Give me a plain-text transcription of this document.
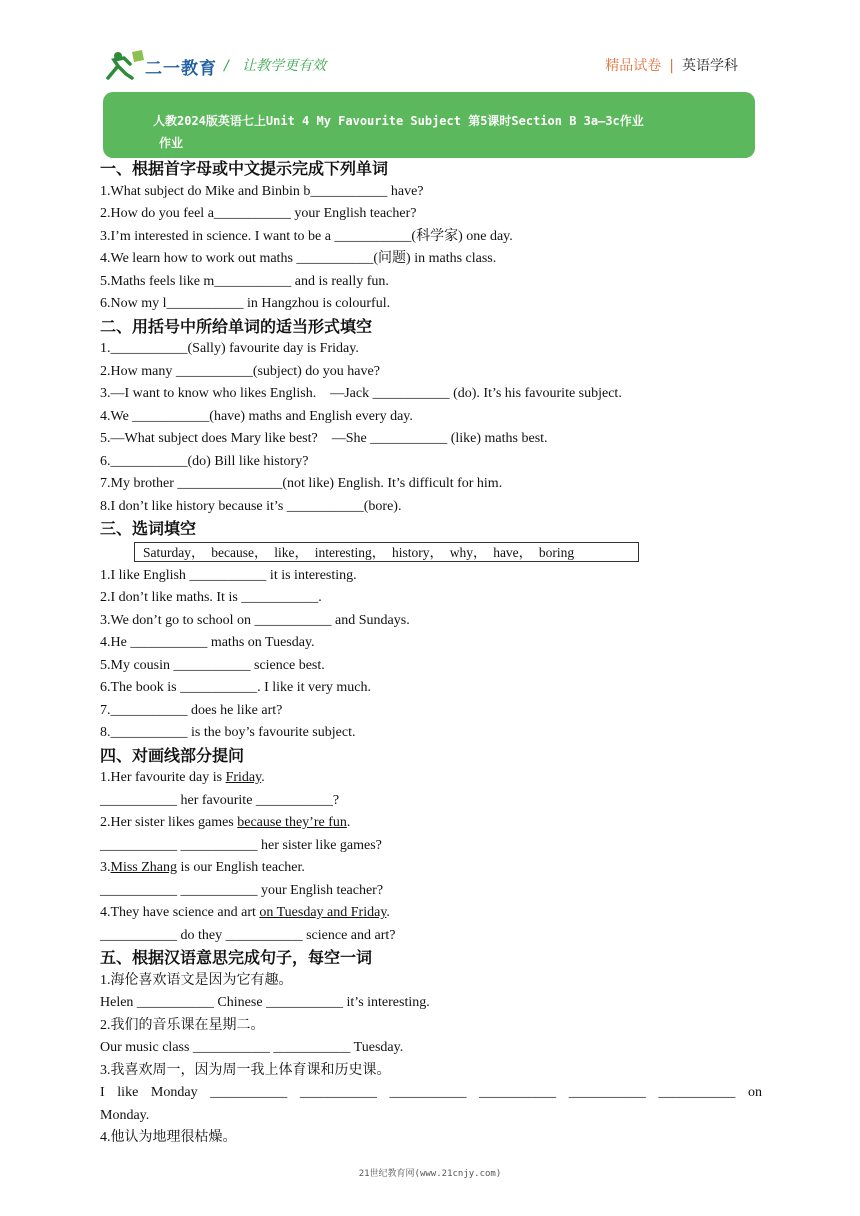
二一教育 /   让教学更有效	精品试卷 | 英语学科
人教2024版英语七上Unit 4 My Favourite Subject 第5课时Section B 3a—3c作业
作业
一、根据首字母或中文提示完成下列单词
1.What subject do Mike and Binbin b___________ have?
2.How do you feel a___________ your English teacher?
3.I’m interested in science. I want to be a ___________(科学家) one day.
4.We learn how to work out maths ___________(问题) in maths class.
5.Maths feels like m___________ and is really fun.
6.Now my l___________ in Hangzhou is colourful.
二、用括号中所给单词的适当形式填空
1.___________(Sally) favourite day is Friday.
2.How many ___________(subject) do you have?
3.—I want to know who likes English.    —Jack ___________ (do). It’s his favourite subject.
4.We ___________(have) maths and English every day.
5.—What subject does Mary like best?    —She ___________ (like) maths best.
6.___________(do) Bill like history?
7.My brother _______________(not like) English. It’s difficult for him.
8.I don’t like history because it’s ___________(bore).
三、选词填空
Saturday，  because，  like，  interesting，  history，  why，  have，  boring
1.I like English ___________ it is interesting.
2.I don’t like maths. It is ___________.
3.We don’t go to school on ___________ and Sundays.
4.He ___________ maths on Tuesday.
5.My cousin ___________ science best.
6.The book is ___________. I like it very much.
7.___________ does he like art?
8.___________ is the boy’s favourite subject.
四、对画线部分提问
1.Her favourite day is Friday.
___________ her favourite ___________?
2.Her sister likes games because they’re fun.
___________ ___________ her sister like games?
3.Miss Zhang is our English teacher.
___________ ___________ your English teacher?
4.They have science and art on Tuesday and Friday.
___________ do they ___________ science and art?
五、根据汉语意思完成句子，每空一词
1.海伦喜欢语文是因为它有趣。
Helen ___________ Chinese ___________ it’s interesting.
2.我们的音乐课在星期二。
Our music class ___________ ___________ Tuesday.
3.我喜欢周一，因为周一我上体育课和历史课。
I like Monday ___________ ___________ ___________ ___________ ___________ ___________ on
Monday.
4.他认为地理很枯燥。
21世纪教育网(www.21cnjy.com)
